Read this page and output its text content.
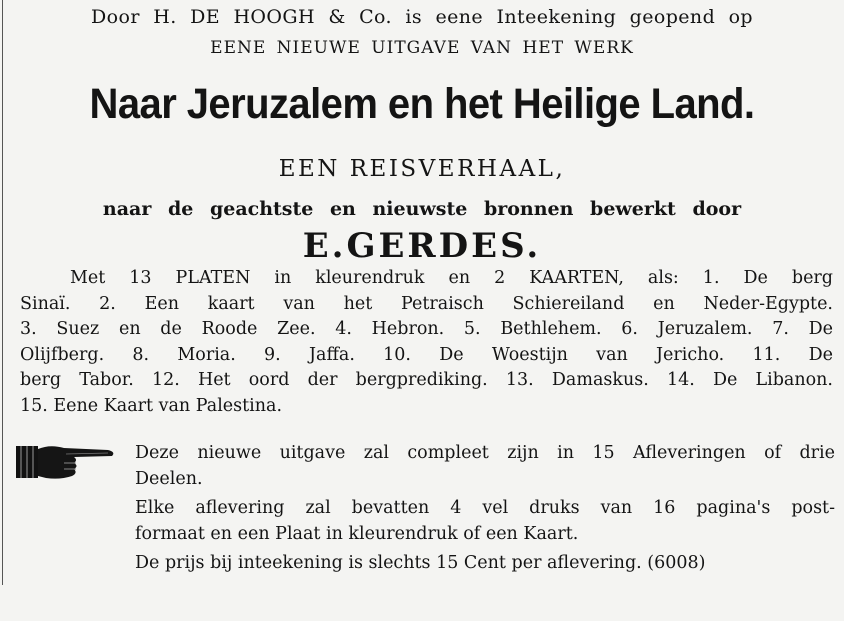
Door H. DE HOOGH & Co. is eene Inteekening geopend op
EENE NIEUWE UITGAVE VAN HET WERK
Naar Jeruzalem en het Heilige Land.
EEN REISVERHAAL,
naar de geachtste en nieuwste bronnen bewerkt door
E.GERDES.
Met 13 PLATEN in kleurendruk en 2 KAARTEN, als: 1. De berg
Sinaï. 2. Een kaart van het Petraisch Schiereiland en Neder-Egypte.
3. Suez en de Roode Zee. 4. Hebron. 5. Bethlehem. 6. Jeruzalem. 7. De
Olijfberg. 8. Moria. 9. Jaffa. 10. De Woestijn van Jericho. 11. De
berg Tabor. 12. Het oord der bergprediking. 13. Damaskus. 14. De Libanon.
15. Eene Kaart van Palestina.
Deze nieuwe uitgave zal compleet zijn in 15 Afleveringen of drie
Deelen.
Elke aflevering zal bevatten 4 vel druks van 16 pagina's post-
formaat en een Plaat in kleurendruk of een Kaart.
De prijs bij inteekening is slechts 15 Cent per aflevering. (6008)
